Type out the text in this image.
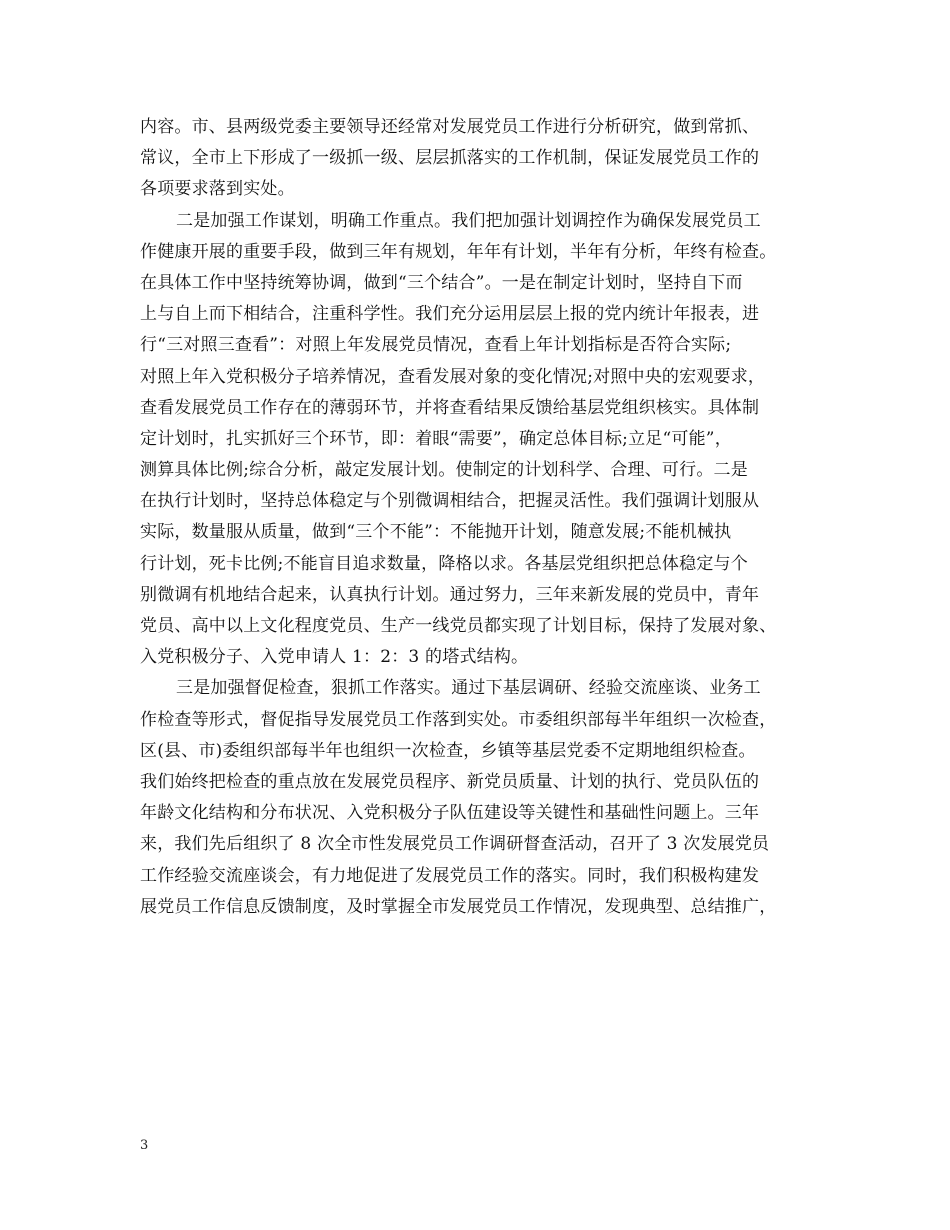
内容。市、县两级党委主要领导还经常对发展党员工作进行分析研究，做到常抓、
常议，全市上下形成了一级抓一级、层层抓落实的工作机制，保证发展党员工作的
各项要求落到实处。
二是加强工作谋划，明确工作重点。我们把加强计划调控作为确保发展党员工
作健康开展的重要手段，做到三年有规划，年年有计划，半年有分析，年终有检查。
在具体工作中坚持统筹协调，做到“三个结合”。一是在制定计划时，坚持自下而
上与自上而下相结合，注重科学性。我们充分运用层层上报的党内统计年报表，进
行“三对照三查看”：对照上年发展党员情况，查看上年计划指标是否符合实际;
对照上年入党积极分子培养情况，查看发展对象的变化情况;对照中央的宏观要求，
查看发展党员工作存在的薄弱环节，并将查看结果反馈给基层党组织核实。具体制
定计划时，扎实抓好三个环节，即：着眼“需要”，确定总体目标;立足“可能”，
测算具体比例;综合分析，敲定发展计划。使制定的计划科学、合理、可行。二是
在执行计划时，坚持总体稳定与个别微调相结合，把握灵活性。我们强调计划服从
实际，数量服从质量，做到“三个不能”：不能抛开计划，随意发展;不能机械执
行计划，死卡比例;不能盲目追求数量，降格以求。各基层党组织把总体稳定与个
别微调有机地结合起来，认真执行计划。通过努力，三年来新发展的党员中，青年
党员、高中以上文化程度党员、生产一线党员都实现了计划目标，保持了发展对象、
入党积极分子、入党申请人 1：2：3 的塔式结构。
三是加强督促检查，狠抓工作落实。通过下基层调研、经验交流座谈、业务工
作检查等形式，督促指导发展党员工作落到实处。市委组织部每半年组织一次检查，
区(县、市)委组织部每半年也组织一次检查，乡镇等基层党委不定期地组织检查。
我们始终把检查的重点放在发展党员程序、新党员质量、计划的执行、党员队伍的
年龄文化结构和分布状况、入党积极分子队伍建设等关键性和基础性问题上。三年
来，我们先后组织了 8 次全市性发展党员工作调研督查活动，召开了 3 次发展党员
工作经验交流座谈会，有力地促进了发展党员工作的落实。同时，我们积极构建发
展党员工作信息反馈制度，及时掌握全市发展党员工作情况，发现典型、总结推广，
3
